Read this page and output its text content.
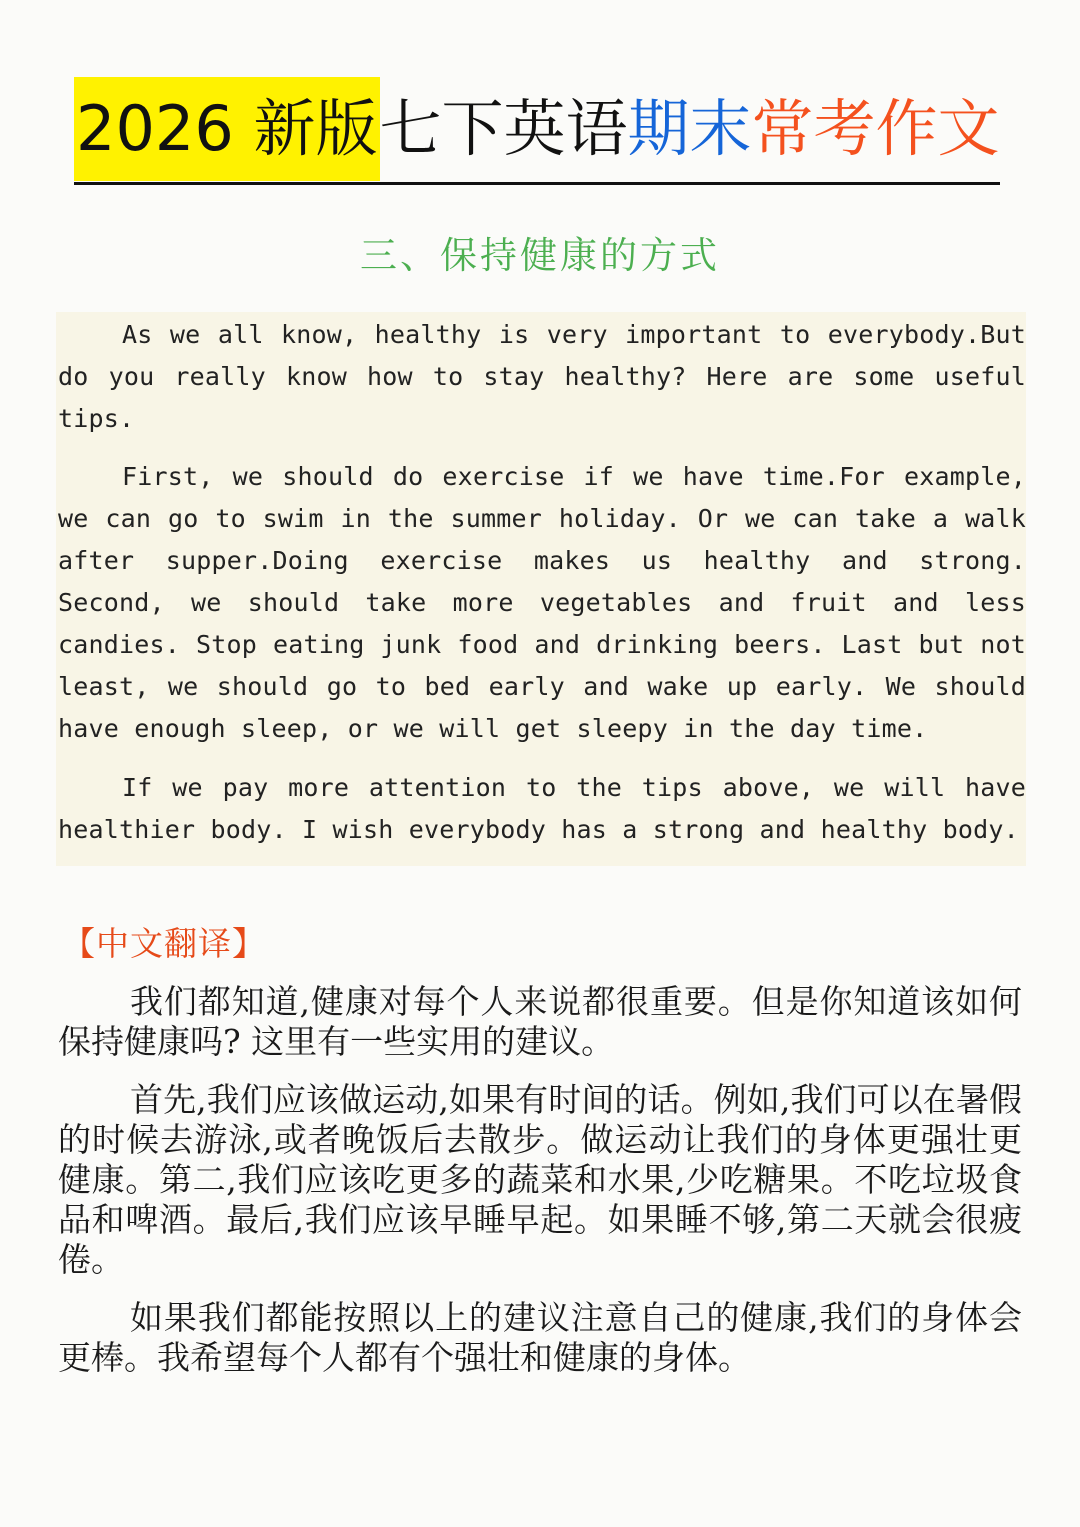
2026 新版 七下英语 期末 常考作文
三、保持健康的方式

As we all know, healthy is very important to everybody.But do you really know how to stay healthy? Here are some useful tips.

First, we should do exercise if we have time.For example, we can go to swim in the summer holiday. Or we can take a walk after supper.Doing exercise makes us healthy and strong. Second, we should take more vegetables and fruit and less candies. Stop eating junk food and drinking beers. Last but not least, we should go to bed early and wake up early. We should have enough sleep, or we will get sleepy in the day time.

If we pay more attention to the tips above, we will have healthier body. I wish everybody has a strong and healthy body.

【中文翻译】

我们都知道,健康对每个人来说都很重要。但是你知道该如何保持健康吗? 这里有一些实用的建议。

首先,我们应该做运动,如果有时间的话。例如,我们可以在暑假的时候去游泳,或者晚饭后去散步。做运动让我们的身体更强壮更健康。第二,我们应该吃更多的蔬菜和水果,少吃糖果。不吃垃圾食品和啤酒。最后,我们应该早睡早起。如果睡不够,第二天就会很疲倦。

如果我们都能按照以上的建议注意自己的健康,我们的身体会更棒。我希望每个人都有个强壮和健康的身体。
